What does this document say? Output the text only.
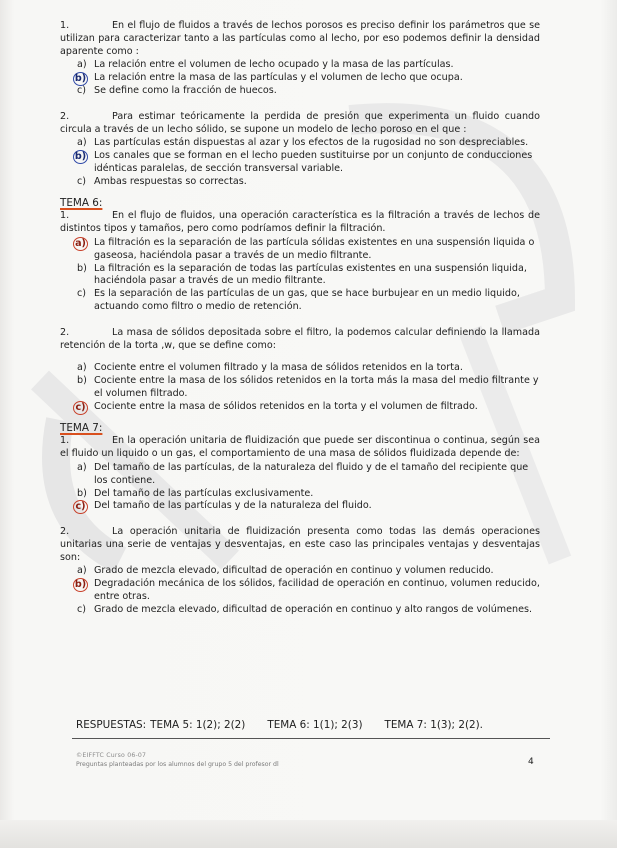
1.	En el flujo de fluidos a través de lechos porosos es preciso definir los parámetros que se utilizan para caracterizar tanto a las partículas como al lecho, por eso podemos definir la densidad aparente como :
a) La relación entre el volumen de lecho ocupado y la masa de las partículas.
b) La relación entre la masa de las partículas y el volumen de lecho que ocupa.
c) Se define como la fracción de huecos.
2.	Para estimar teóricamente la perdida de presión que experimenta un fluido cuando circula a través de un lecho sólido, se supone un modelo de lecho poroso en el que :
a) Las partículas están dispuestas al azar y los efectos de la rugosidad no son despreciables.
b) Los canales que se forman en el lecho pueden sustituirse por un conjunto de conducciones idénticas paralelas, de sección transversal variable.
c) Ambas respuestas so correctas.
TEMA 6:
1.	En el flujo de fluidos, una operación característica es la filtración a través de lechos de distintos tipos y tamaños, pero como podríamos definir la filtración.
a) La filtración es la separación de las partícula sólidas existentes en una suspensión liquida o gaseosa, haciéndola pasar a través de un medio filtrante.
b) La filtración es la separación de todas las partículas existentes en una suspensión liquida, haciéndola pasar a través de un medio filtrante.
c) Es la separación de las partículas de un gas, que se hace burbujear en un medio liquido, actuando como filtro o medio de retención.
2.	La masa de sólidos depositada sobre el filtro, la podemos calcular definiendo la llamada retención de la torta ,w, que se define como:
a) Cociente entre el volumen filtrado y la masa de sólidos retenidos en la torta.
b) Cociente entre la masa de los sólidos retenidos en la torta más la masa del medio filtrante y el volumen filtrado.
c) Cociente entre la masa de sólidos retenidos en la torta y el volumen de filtrado.
TEMA 7:
1.	En la operación unitaria de fluidización que puede ser discontinua o continua, según sea el fluido un liquido o un gas, el comportamiento de una masa de sólidos fluidizada depende de:
a) Del tamaño de las partículas, de la naturaleza del fluido y de el tamaño del recipiente que los contiene.
b) Del tamaño de las partículas exclusivamente.
c) Del tamaño de las partículas y de la naturaleza del fluido.
2.	La operación unitaria de fluidización presenta como todas las demás operaciones unitarias una serie de ventajas y desventajas, en este caso las principales ventajas y desventajas son:
a) Grado de mezcla elevado, dificultad de operación en continuo y volumen reducido.
b) Degradación mecánica de los sólidos, facilidad de operación en continuo, volumen reducido, entre otras.
c) Grado de mezcla elevado, dificultad de operación en continuo y alto rangos de volúmenes.
RESPUESTAS: TEMA 5: 1(2); 2(2) TEMA 6: 1(1); 2(3) TEMA 7: 1(3); 2(2).
©EIFFTC Curso 06-07
Preguntas planteadas por los alumnos del grupo 5 del profesor dl	4
